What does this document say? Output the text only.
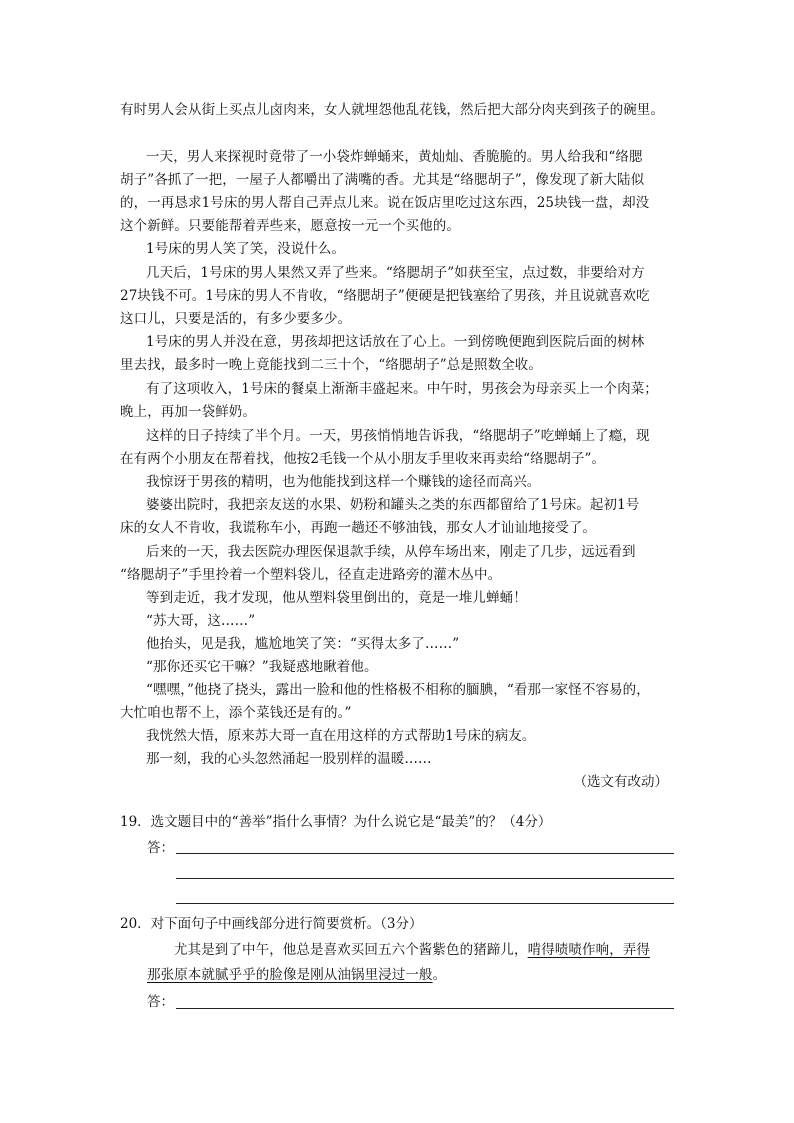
有时男人会从街上买点儿卤肉来，女人就埋怨他乱花钱，然后把大部分肉夹到孩子的碗里。
一天，男人来探视时竟带了一小袋炸蝉蛹来，黄灿灿、香脆脆的。男人给我和“络腮
胡子”各抓了一把，一屋子人都嚼出了满嘴的香。尤其是“络腮胡子”，像发现了新大陆似
的，一再恳求1号床的男人帮自己弄点儿来。说在饭店里吃过这东西，25块钱一盘，却没
这个新鲜。只要能帮着弄些来，愿意按一元一个买他的。
1号床的男人笑了笑，没说什么。
几天后，1号床的男人果然又弄了些来。“络腮胡子”如获至宝，点过数，非要给对方
27块钱不可。1号床的男人不肯收，“络腮胡子”便硬是把钱塞给了男孩，并且说就喜欢吃
这口儿，只要是活的，有多少要多少。
1号床的男人并没在意，男孩却把这话放在了心上。一到傍晚便跑到医院后面的树林
里去找，最多时一晚上竟能找到二三十个，“络腮胡子”总是照数全收。
有了这项收入，1号床的餐桌上渐渐丰盛起来。中午时，男孩会为母亲买上一个肉菜；
晚上，再加一袋鲜奶。
这样的日子持续了半个月。一天，男孩悄悄地告诉我，“络腮胡子”吃蝉蛹上了瘾，现
在有两个小朋友在帮着找，他按2毛钱一个从小朋友手里收来再卖给“络腮胡子”。
我惊讶于男孩的精明，也为他能找到这样一个赚钱的途径而高兴。
婆婆出院时，我把亲友送的水果、奶粉和罐头之类的东西都留给了1号床。起初1号
床的女人不肯收，我谎称车小，再跑一趟还不够油钱，那女人才讪讪地接受了。
后来的一天，我去医院办理医保退款手续，从停车场出来，刚走了几步，远远看到
“络腮胡子”手里拎着一个塑料袋儿，径直走进路旁的灌木丛中。
等到走近，我才发现，他从塑料袋里倒出的，竟是一堆儿蝉蛹！
“苏大哥，这……”
他抬头，见是我，尴尬地笑了笑：“买得太多了……”
“那你还买它干嘛？”我疑惑地瞅着他。
“嘿嘿，”他挠了挠头，露出一脸和他的性格极不相称的腼腆，“看那一家怪不容易的，
大忙咱也帮不上，添个菜钱还是有的。”
我恍然大悟，原来苏大哥一直在用这样的方式帮助1号床的病友。
那一刻，我的心头忽然涌起一股别样的温暖……
（选文有改动）
19．选文题目中的“善举”指什么事情？为什么说它是“最美”的？（4分）
答：
20．对下面句子中画线部分进行简要赏析。（3分）
尤其是到了中午，他总是喜欢买回五六个酱紫色的猪蹄儿，啃得啧啧作响，弄得
那张原本就腻乎乎的脸像是刚从油锅里浸过一般。
答：
